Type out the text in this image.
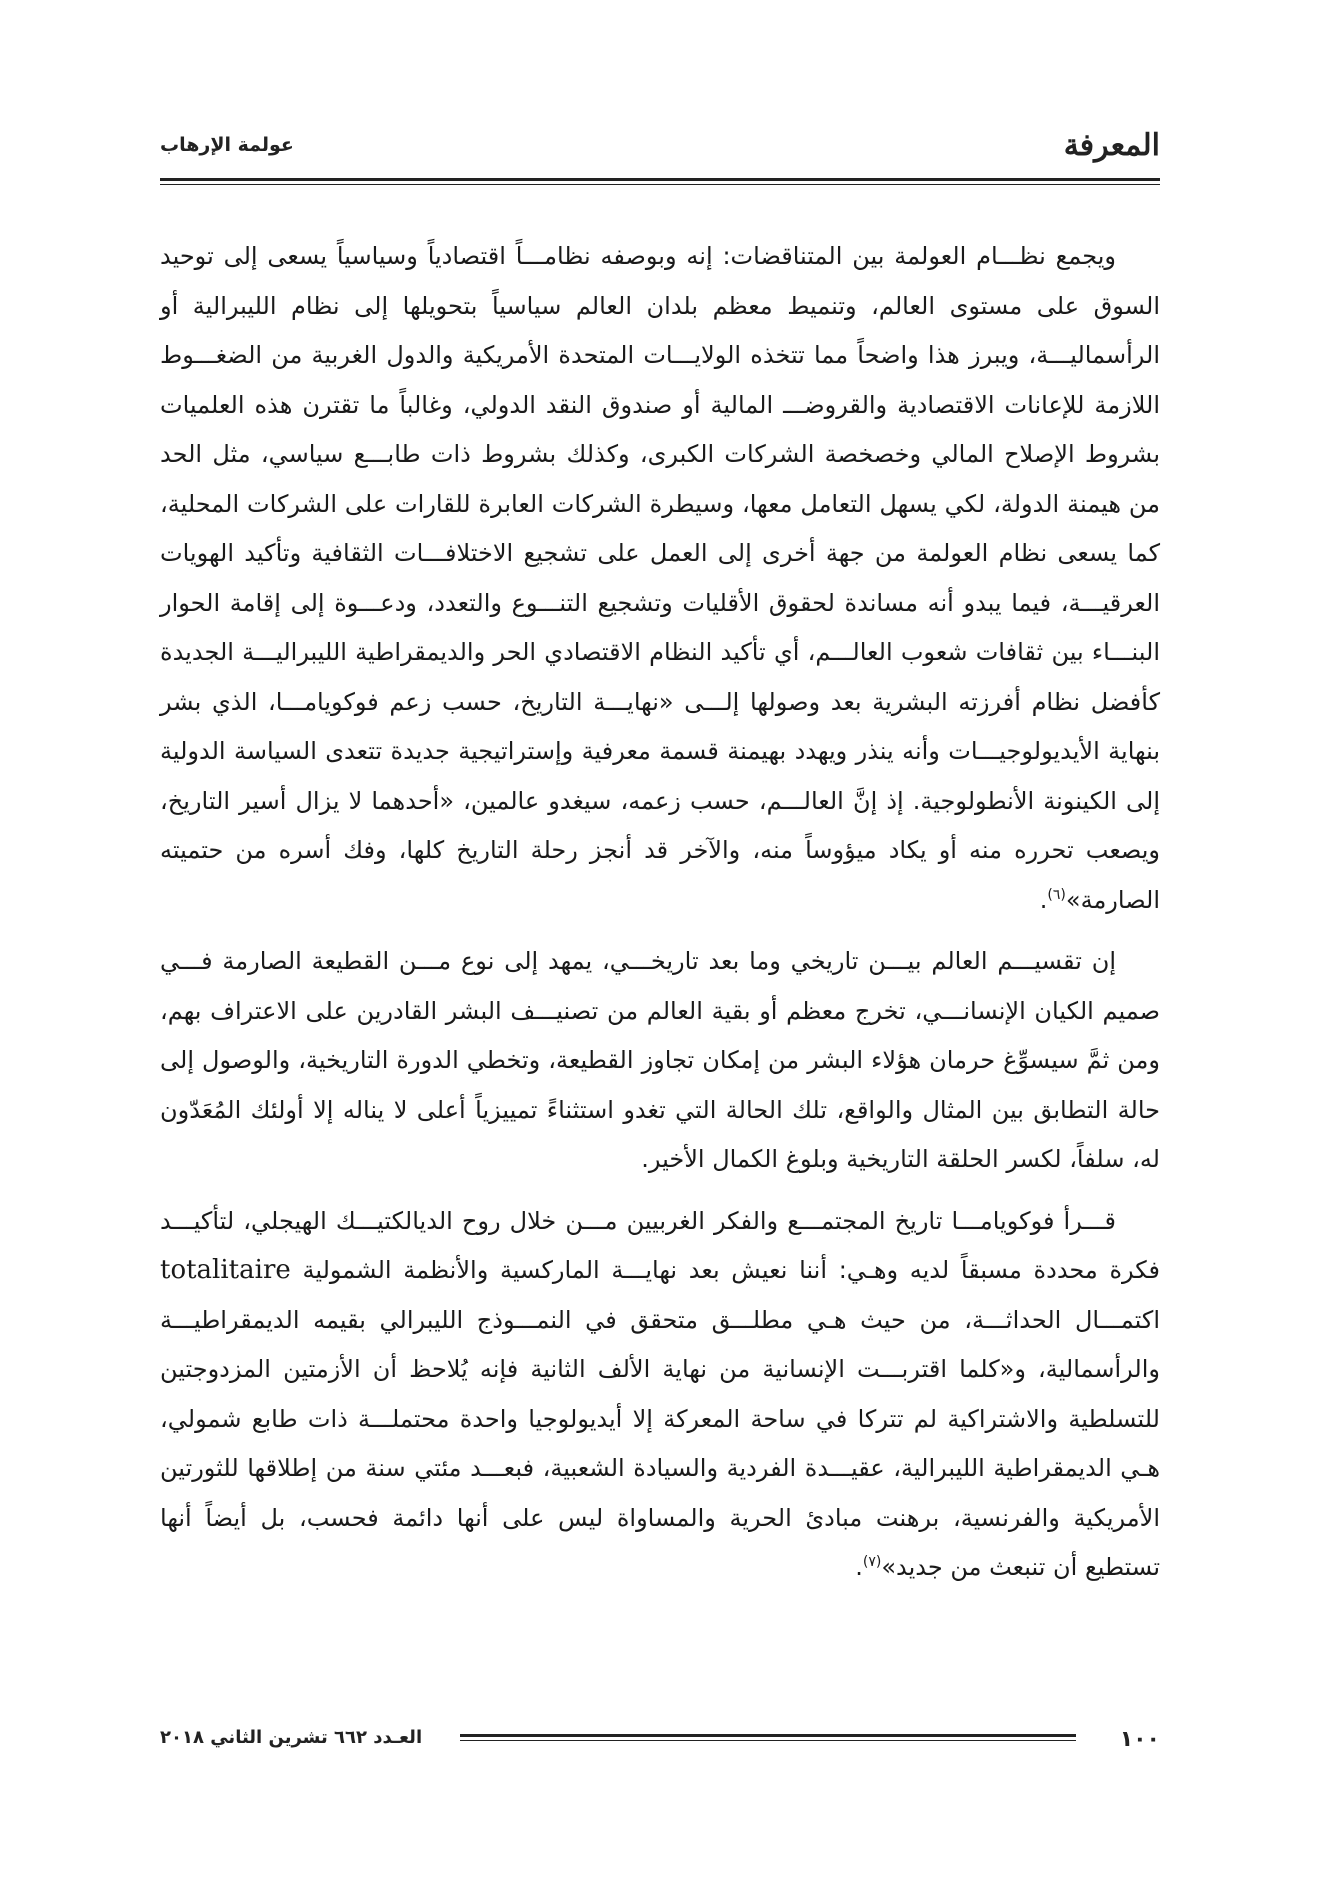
المعرفة
عولمة الإرهاب

ويجمع نظـــام العولمة بين المتناقضات: إنه وبوصفه نظامـــاً اقتصادياً وسياسياً يسعى إلى توحيد السوق على مستوى العالم، وتنميط معظم بلدان العالم سياسياً بتحويلها إلى نظام الليبرالية أو الرأسماليـــة، ويبرز هذا واضحاً مما تتخذه الولايـــات المتحدة الأمريكية والدول الغربية من الضغـــوط اللازمة للإعانات الاقتصادية والقروضـــ المالية أو صندوق النقد الدولي، وغالباً ما تقترن هذه العلميات بشروط الإصلاح المالي وخصخصة الشركات الكبرى، وكذلك بشروط ذات طابـــع سياسي، مثل الحد من هيمنة الدولة، لكي يسهل التعامل معها، وسيطرة الشركات العابرة للقارات على الشركات المحلية، كما يسعى نظام العولمة من جهة أخرى إلى العمل على تشجيع الاختلافـــات الثقافية وتأكيد الهويات العرقيـــة، فيما يبدو أنه مساندة لحقوق الأقليات وتشجيع التنـــوع والتعدد، ودعـــوة إلى إقامة الحوار البنـــاء بين ثقافات شعوب العالـــم، أي تأكيد النظام الاقتصادي الحر والديمقراطية الليبراليـــة الجديدة كأفضل نظام أفرزته البشرية بعد وصولها إلـــى «نهايـــة التاريخ، حسب زعم فوكويامـــا، الذي بشر بنهاية الأيديولوجيـــات وأنه ينذر ويهدد بهيمنة قسمة معرفية وإستراتيجية جديدة تتعدى السياسة الدولية إلى الكينونة الأنطولوجية. إذ إنَّ العالـــم، حسب زعمه، سيغدو عالمين، «أحدهما لا يزال أسير التاريخ، ويصعب تحرره منه أو يكاد ميؤوساً منه، والآخر قد أنجز رحلة التاريخ كلها، وفك أسره من حتميته الصارمة»$^{(٦)}$.

إن تقسيـــم العالم بيـــن تاريخي وما بعد تاريخـــي، يمهد إلى نوع مـــن القطيعة الصارمة فـــي صميم الكيان الإنسانـــي، تخرج معظم أو بقية العالم من تصنيـــف البشر القادرين على الاعتراف بهم، ومن ثمَّ سيسوِّغ حرمان هؤلاء البشر من إمكان تجاوز القطيعة، وتخطي الدورة التاريخية، والوصول إلى حالة التطابق بين المثال والواقع، تلك الحالة التي تغدو استثناءً تمييزياً أعلى لا يناله إلا أولئك المُعَدّون له، سلفاً، لكسر الحلقة التاريخية وبلوغ الكمال الأخير.

قـــرأ فوكويامـــا تاريخ المجتمـــع والفكر الغربيين مـــن خلال روح الديالكتيـــك الهيجلي، لتأكيـــد فكرة محددة مسبقاً لديه وهـي: أننا نعيش بعد نهايـــة الماركسية والأنظمة الشمولية totalitaire اكتمـــال الحداثـــة، من حيث هـي مطلـــق متحقق في النمـــوذج الليبرالي بقيمه الديمقراطيـــة والرأسمالية، و«كلما اقتربـــت الإنسانية من نهاية الألف الثانية فإنه يُلاحظ أن الأزمتين المزدوجتين للتسلطية والاشتراكية لم تتركا في ساحة المعركة إلا أيديولوجيا واحدة محتملـــة ذات طابع شمولي، هـي الديمقراطية الليبرالية، عقيـــدة الفردية والسيادة الشعبية، فبعـــد مئتي سنة من إطلاقها للثورتين الأمريكية والفرنسية، برهنت مبادئ الحرية والمساواة ليس على أنها دائمة فحسب، بل أيضاً أنها تستطيع أن تنبعث من جديد»$^{(٧)}$.

١٠٠
العـدد ٦٦٢ تشرين الثاني ٢٠١٨
